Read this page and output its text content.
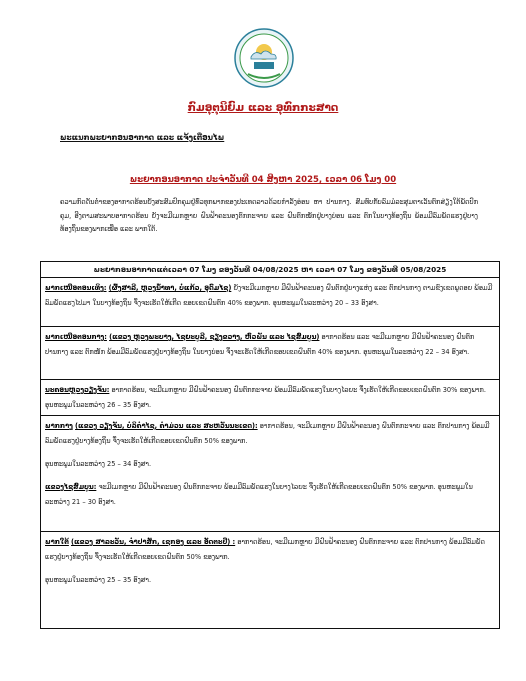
ກົມອຸຕຸນິຍົມ ແລະ ອຸທົກກະສາດ
ພະແນກພະຍາກອນອາກາດ ແລະ ແຈ້ງເຕືອນໄພ
ພະຍາກອນອາກາດ ປະຈຳວັນທີ 04 ສິງຫາ 2025, ເວລາ 06 ໂມງ 00
ຄວາມກົດດັນຕ່ຳຂອງອາກາດຮ້ອນຍັງສະສົມປົກຄຸມຢູ່ທົ່ວທຸກພາກຂອງປະເທດລາວດ້ວຍກຳລັງອ່ອນ ຫາ ປານກາງ. ສົມທົບກັບລົມມໍລະສຸມຕາເວັນຕົກສ່ຽງໃຕ້ພັດປົກຄຸມ, ອີງຕາມສະພາບອາກາດຮ້ອນ ຍັງຈະມີເມກຫຼາຍ ຝົນຟ້າຄະນອງຕົກກະຈາຍ ແລະ ຝົນຕົກໜັກຢູ່ບາງບ່ອນ ແລະ ຕົກໃນບາງທ້ອງຖິ່ນ ພ້ອມມີລົມພັດແຮງຢູ່ບາງທ້ອງຖິ່ນຂອງພາກເໜືອ ແລະ ພາກໃຕ້.
ພະຍາກອນອາກາດແຕ່ເວລາ 07 ໂມງ ຂອງວັນທີ 04/08/2025 ຫາ ເວລາ 07 ໂມງ ຂອງວັນທີ 05/08/2025
ພາກເໜືອຕອນເທິງ: (ຜົ້ງສາລີ, ຫຼວງນ້ຳທາ, ບໍ່ແກ້ວ, ອຸດົມໄຊ) ຍັງຈະມີເມກຫຼາຍ ມີຝົນຟ້າຄະນອງ ຝົນຕົກຢູ່ບາງແຫ່ງ ແລະ ຕົກປານກາງ ຕາມຂົງເຂດພູດອຍ ພ້ອມມີລົມພັດແຮງໄປມາ ໃນບາງທ້ອງຖິ່ນ ຈຶ່ງຈະເຮັດໃຫ້ເກີດ ຂອບເຂດຝົນຕົກ 40% ຂອງພາກ. ອຸນຫະພູມໃນລະຫວ່າງ 20 – 33 ອົງສາ.
ພາກເໜືອຕອນກາງ: (ແຂວງ ຫຼວງພະບາງ, ໄຊຍະບູລີ, ຊຽງຂວາງ, ຫົວພັນ ແລະ ໄຊສົມບູນ) ອາກາດຮ້ອນ ແລະ ຈະມີເມກຫຼາຍ ມີຝົນຟ້າຄະນອງ ຝົນຕົກປານກາງ ແລະ ຕົກໜັກ ພ້ອມມີລົມພັດແຮງຢູ່ບາງທ້ອງຖິ່ນ ໃນບາງບ່ອນ ຈຶ່ງຈະເຮັດໃຫ້ເກີດຂອບເຂດຝົນຕົກ 40% ຂອງພາກ. ອຸນຫະພູມໃນລະຫວ່າງ 22 – 34 ອົງສາ.
ນະຄອນຫຼວງວຽງຈັນ: ອາກາດຮ້ອນ, ຈະມີເມກຫຼາຍ ມີຝົນຟ້າຄະນອງ ຝົນຕົກກະຈາຍ ພ້ອມມີລົມພັດແຮງໃນບາງໄລຍະ ຈຶ່ງເຮັດໃຫ້ເກີດຂອບເຂດຝົນຕົກ 30% ຂອງພາກ. ອຸນຫະພູມໃນລະຫວ່າງ 26 – 35 ອົງສາ.
ພາກກາງ (ແຂວງ ວຽງຈັນ, ບໍລິຄຳໄຊ, ຄຳມ່ວນ ແລະ ສະຫວັນນະເຂດ): ອາກາດຮ້ອນ, ຈະມີເມກຫຼາຍ ມີຝົນຟ້າຄະນອງ ຝົນຕົກກະຈາຍ ແລະ ຕົກປານກາງ ພ້ອມມີລົມພັດແຮງຢູ່ບາງທ້ອງຖິ່ນ ຈຶ່ງຈະເຮັດໃຫ້ເກີດຂອບເຂດຝົນຕົກ 50% ຂອງພາກ.
ອຸນຫະພູມໃນລະຫວ່າງ 25 – 34 ອົງສາ.
ແຂວງໄຊສົມບູນ: ຈະມີເມກຫຼາຍ ມີຝົນຟ້າຄະນອງ ຝົນຕົກກະຈາຍ ພ້ອມມີລົມພັດແຮງໃນບາງໄລຍະ ຈຶ່ງເຮັດໃຫ້ເກີດຂອບເຂດຝົນຕົກ 50% ຂອງພາກ. ອຸນຫະພູມໃນລະຫວ່າງ 21 – 30 ອົງສາ.
ພາກໃຕ້ (ແຂວງ ສາລະວັນ, ຈຳປາສັກ, ເຊກອງ ແລະ ອັດຕະປື) : ອາກາດຮ້ອນ, ຈະມີເມກຫຼາຍ ມີຝົນຟ້າຄະນອງ ຝົນຕົກກະຈາຍ ແລະ ຕົກປານກາງ ພ້ອມມີລົມພັດແຮງຢູ່ບາງທ້ອງຖິ່ນ ຈຶ່ງຈະເຮັດໃຫ້ເກີດຂອບເຂດຝົນຕົກ 50% ຂອງພາກ.
ອຸນຫະພູມໃນລະຫວ່າງ 25 – 35 ອົງສາ.
